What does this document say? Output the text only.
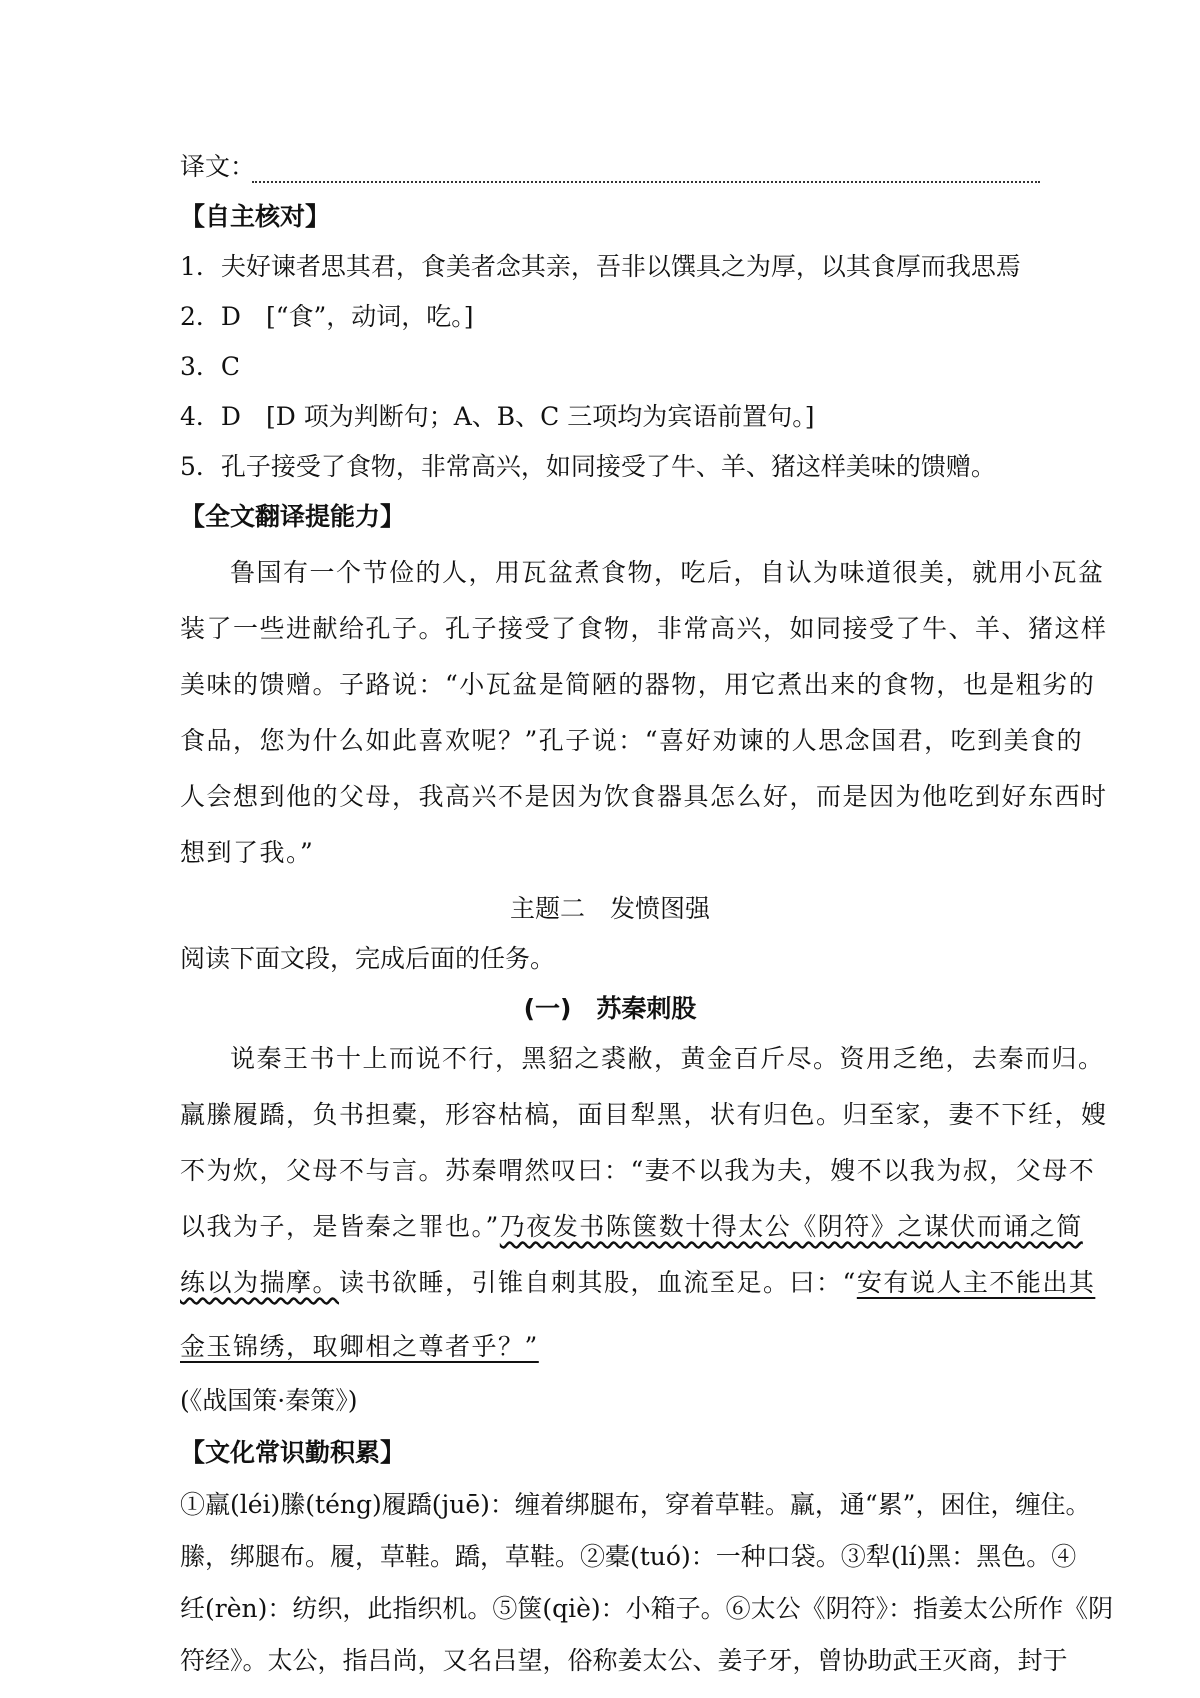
译文：
【自主核对】
1．夫好谏者思其君，食美者念其亲，吾非以馔具之为厚，以其食厚而我思焉
2．D　[“食”，动词，吃。]
3．C
4．D　[D 项为判断句；A、B、C 三项均为宾语前置句。]
5．孔子接受了食物，非常高兴，如同接受了牛、羊、猪这样美味的馈赠。
【全文翻译提能力】
鲁国有一个节俭的人，用瓦盆煮食物，吃后，自认为味道很美，就用小瓦盆
装了一些进献给孔子。孔子接受了食物，非常高兴，如同接受了牛、羊、猪这样
美味的馈赠。子路说：“小瓦盆是简陋的器物，用它煮出来的食物，也是粗劣的
食品，您为什么如此喜欢呢？”孔子说：“喜好劝谏的人思念国君，吃到美食的
人会想到他的父母，我高兴不是因为饮食器具怎么好，而是因为他吃到好东西时
想到了我。”
主题二　发愤图强
阅读下面文段，完成后面的任务。
(一)　苏秦刺股
说秦王书十上而说不行，黑貂之裘敝，黄金百斤尽。资用乏绝，去秦而归。
羸縢履蹻，负书担橐，形容枯槁，面目犁黑，状有归色。归至家，妻不下纴，嫂
不为炊，父母不与言。苏秦喟然叹曰：“妻不以我为夫，嫂不以我为叔，父母不
以我为子，是皆秦之罪也。”乃夜发书陈箧数十得太公《阴符》之谋伏而诵之简
练以为揣摩。读书欲睡，引锥自刺其股，血流至足。曰：“安有说人主不能出其
金玉锦绣，取卿相之尊者乎？”
(《战国策·秦策》)
【文化常识勤积累】
①羸(léi)縢(téng)履蹻(juē)：缠着绑腿布，穿着草鞋。羸，通“累”，困住，缠住。
縢，绑腿布。履，草鞋。蹻，草鞋。②橐(tuó)：一种口袋。③犁(lí)黑：黑色。④
纴(rèn)：纺织，此指织机。⑤箧(qiè)：小箱子。⑥太公《阴符》：指姜太公所作《阴
符经》。太公，指吕尚，又名吕望，俗称姜太公、姜子牙，曾协助武王灭商，封于
